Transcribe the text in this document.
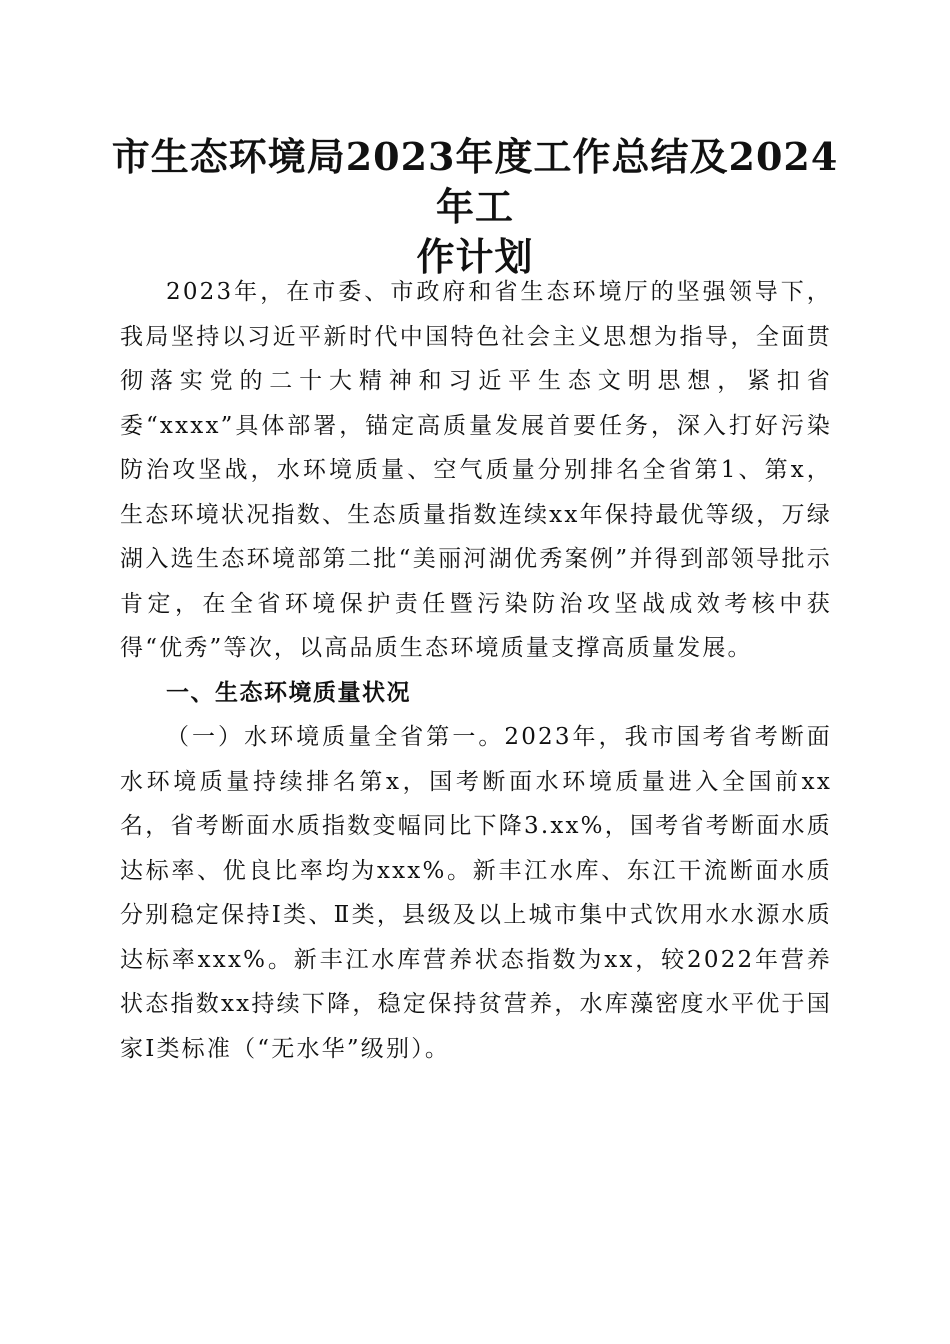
市生态环境局2023年度工作总结及2024年工
作计划

2023年，在市委、市政府和省生态环境厅的坚强领导下，我局坚持以习近平新时代中国特色社会主义思想为指导，全面贯彻落实党的二十大精神和习近平生态文明思想，紧扣省委“xxxx”具体部署，锚定高质量发展首要任务，深入打好污染防治攻坚战，水环境质量、空气质量分别排名全省第1、第x，生态环境状况指数、生态质量指数连续xx年保持最优等级，万绿湖入选生态环境部第二批“美丽河湖优秀案例”并得到部领导批示肯定，在全省环境保护责任暨污染防治攻坚战成效考核中获得“优秀”等次，以高品质生态环境质量支撑高质量发展。

一、生态环境质量状况

（一）水环境质量全省第一。2023年，我市国考省考断面水环境质量持续排名第x，国考断面水环境质量进入全国前xx名，省考断面水质指数变幅同比下降3.xx%，国考省考断面水质达标率、优良比率均为xxx%。新丰江水库、东江干流断面水质分别稳定保持Ⅰ类、Ⅱ类，县级及以上城市集中式饮用水水源水质达标率xxx%。新丰江水库营养状态指数为xx，较2022年营养状态指数xx持续下降，稳定保持贫营养，水库藻密度水平优于国家Ⅰ类标准（“无水华”级别）。
